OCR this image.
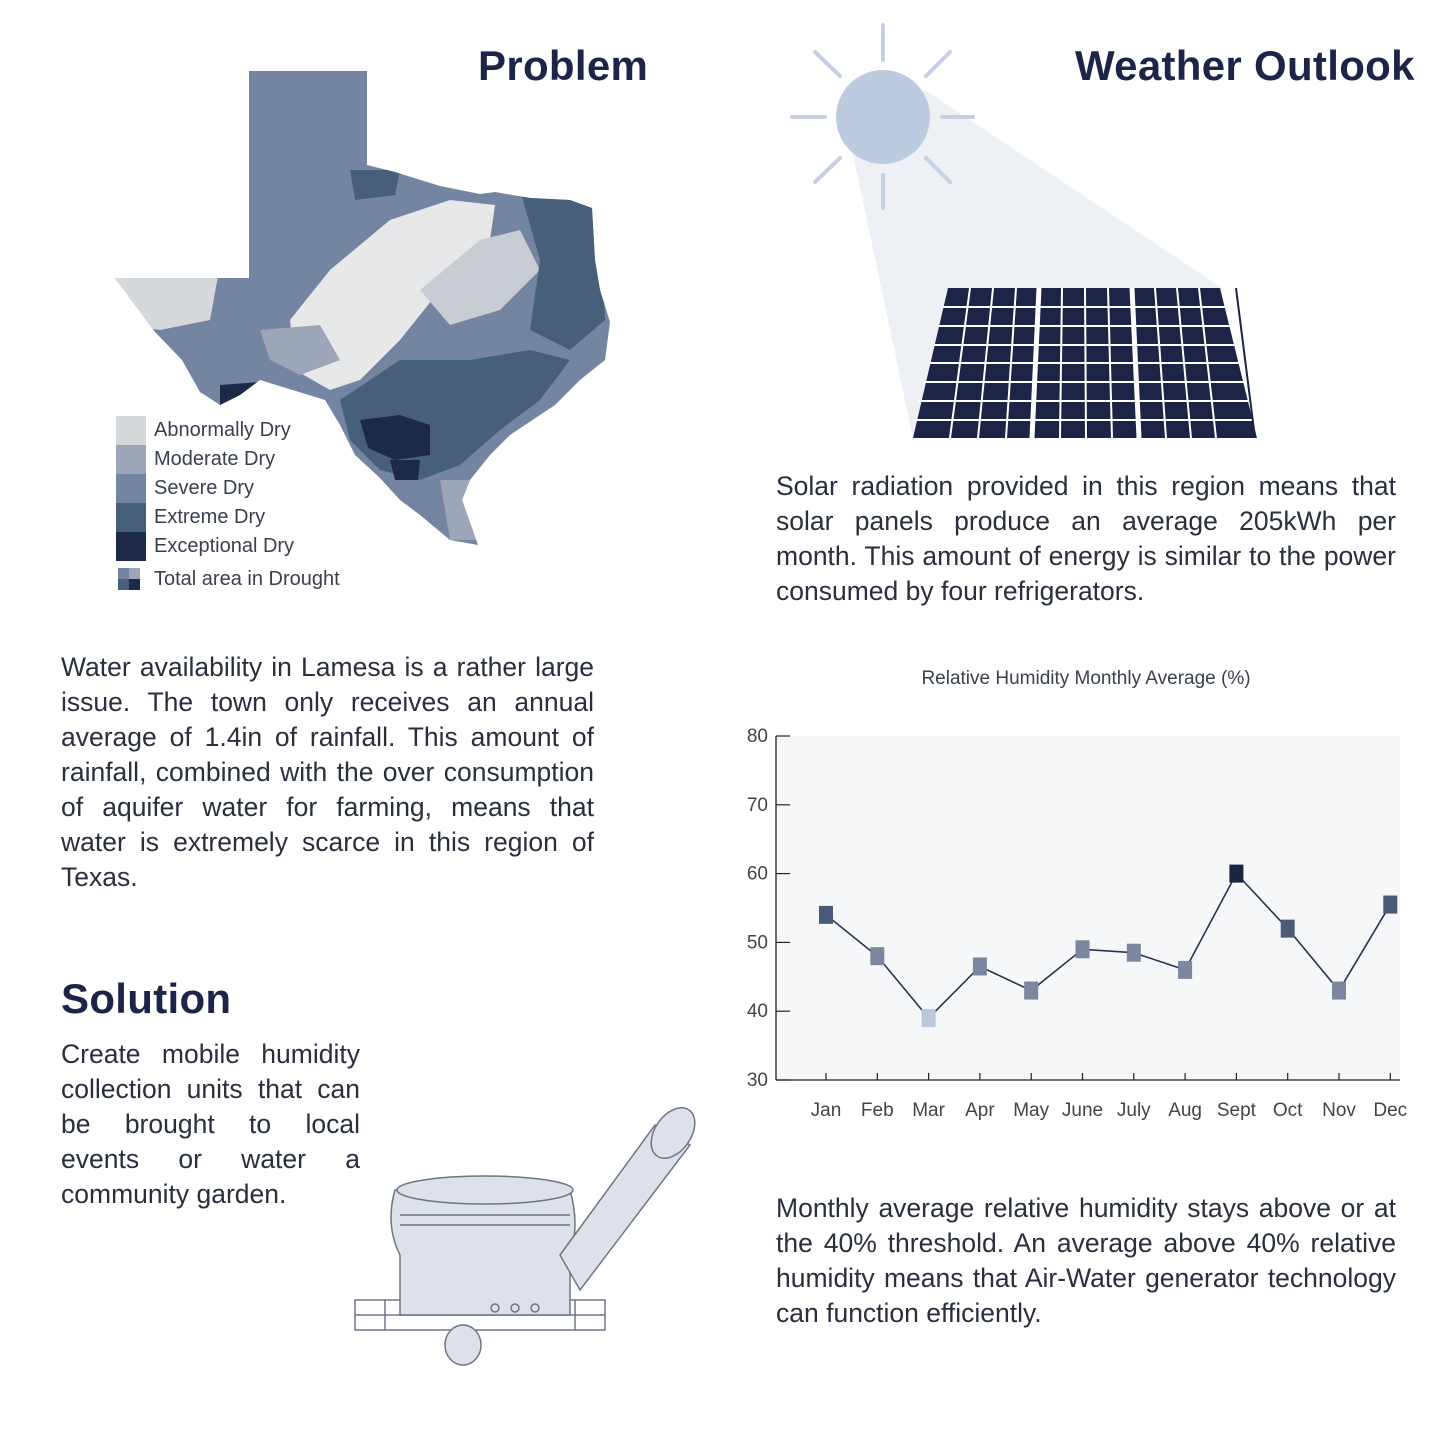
Problem
Abnormally Dry
Moderate Dry
Severe Dry
Extreme Dry
Exceptional Dry
Total area in Drought

Water availability in Lamesa is a rather large issue. The town only receives an annual average of 1.4in of rainfall. This amount of rainfall, combined with the over consumption of aquifer water for farming, means that water is extremely scarce in this region of Texas.

Solution

Create mobile humidity collection units that can be brought to local events or water a community garden.

Weather Outlook

Solar radiation provided in this region means that solar panels produce an average 205kWh per month. This amount of energy is similar to the power consumed by four refrigerators.

Relative Humidity Monthly Average (%)
30
40
50
60
70
80
Jan Feb Mar Apr May June July Aug Sept Oct Nov Dec

Monthly average relative humidity stays above or at the 40% threshold. An average above 40% relative humidity means that Air-Water generator technology can function efficiently.
